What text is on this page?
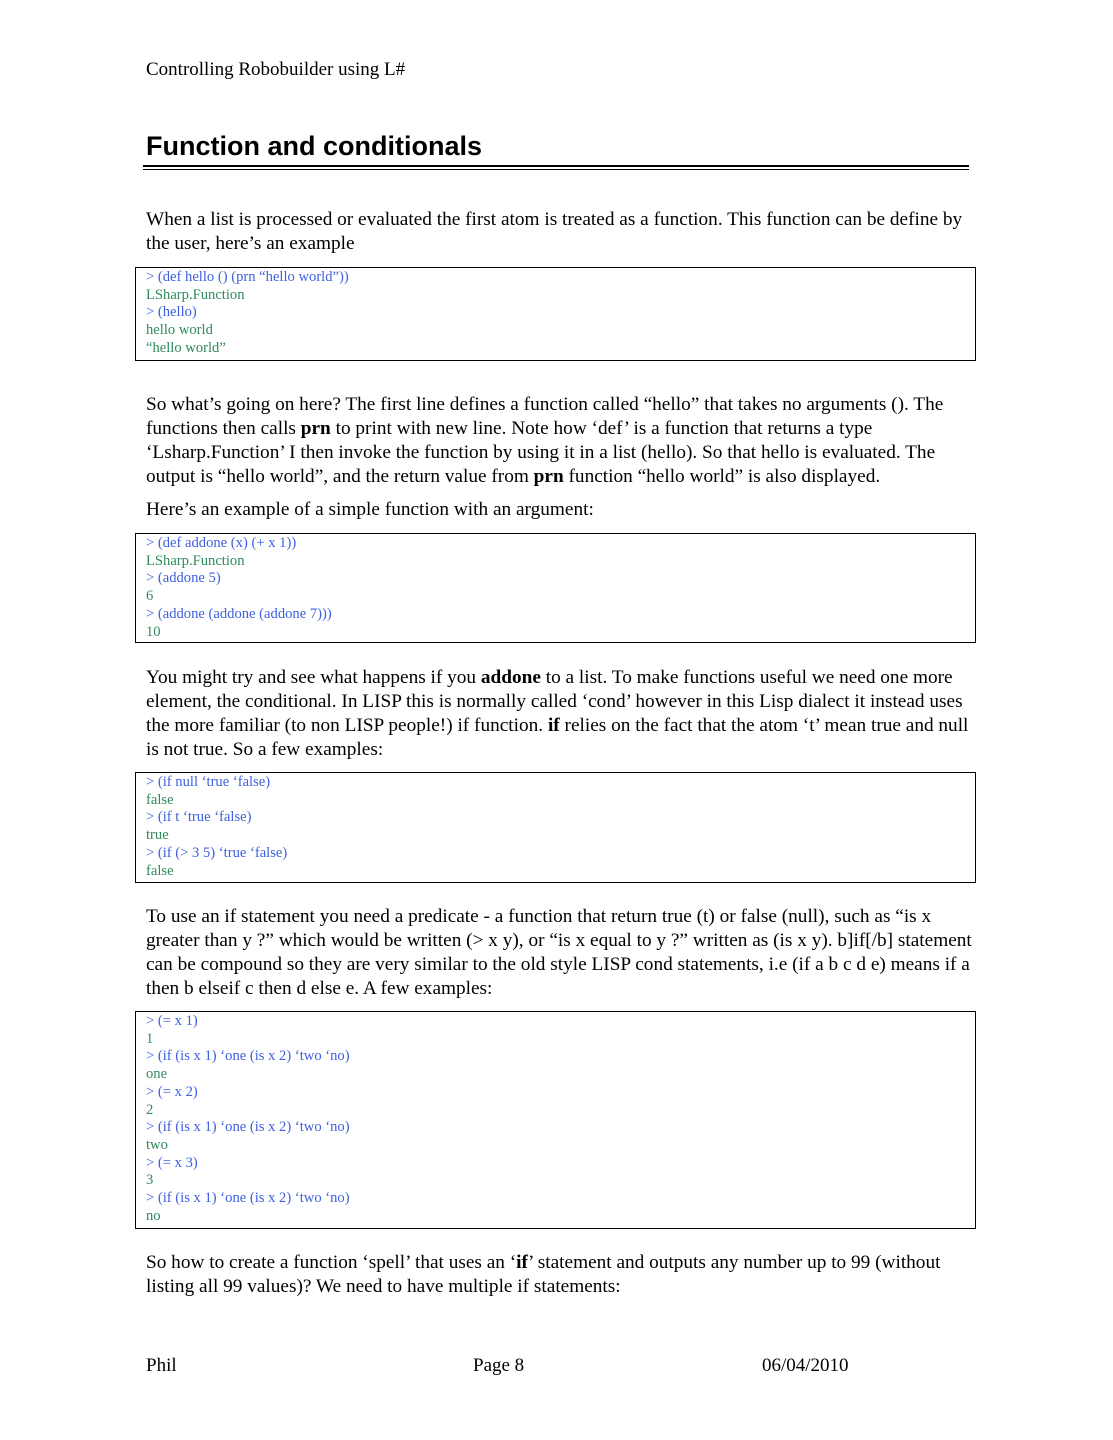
Controlling Robobuilder using L#
Function and conditionals
When a list is processed or evaluated the first atom is treated as a function. This function can be define by the user, here’s an example
> (def hello () (prn “hello world”))
LSharp.Function
> (hello)
hello world
“hello world”
So what’s going on here? The first line defines a function called “hello” that takes no arguments (). The functions then calls prn to print with new line. Note how ‘def’ is a function that returns a type ‘Lsharp.Function’ I then invoke the function by using it in a list (hello). So that hello is evaluated. The output is “hello world”, and the return value from prn function “hello world” is also displayed.
Here’s an example of a simple function with an argument:
> (def addone (x) (+ x 1))
LSharp.Function
> (addone 5)
6
> (addone (addone (addone 7)))
10
You might try and see what happens if you addone to a list. To make functions useful we need one more element, the conditional. In LISP this is normally called ‘cond’ however in this Lisp dialect it instead uses the more familiar (to non LISP people!) if function. if relies on the fact that the atom ‘t’ mean true and null is not true. So a few examples:
> (if null ‘true ‘false)
false
> (if t ‘true ‘false)
true
> (if (> 3 5) ‘true ‘false)
false
To use an if statement you need a predicate - a function that return true (t) or false (null), such as “is x greater than y ?” which would be written (> x y), or “is x equal to y ?” written as (is x y). b]if[/b] statement can be compound so they are very similar to the old style LISP cond statements, i.e (if a b c d e) means if a then b elseif c then d else e. A few examples:
> (= x 1)
1
> (if (is x 1) ‘one (is x 2) ‘two ‘no)
one
> (= x 2)
2
> (if (is x 1) ‘one (is x 2) ‘two ‘no)
two
> (= x 3)
3
> (if (is x 1) ‘one (is x 2) ‘two ‘no)
no
So how to create a function ‘spell’ that uses an ‘if’ statement and outputs any number up to 99 (without listing all 99 values)? We need to have multiple if statements:
Phil	Page 8	06/04/2010
